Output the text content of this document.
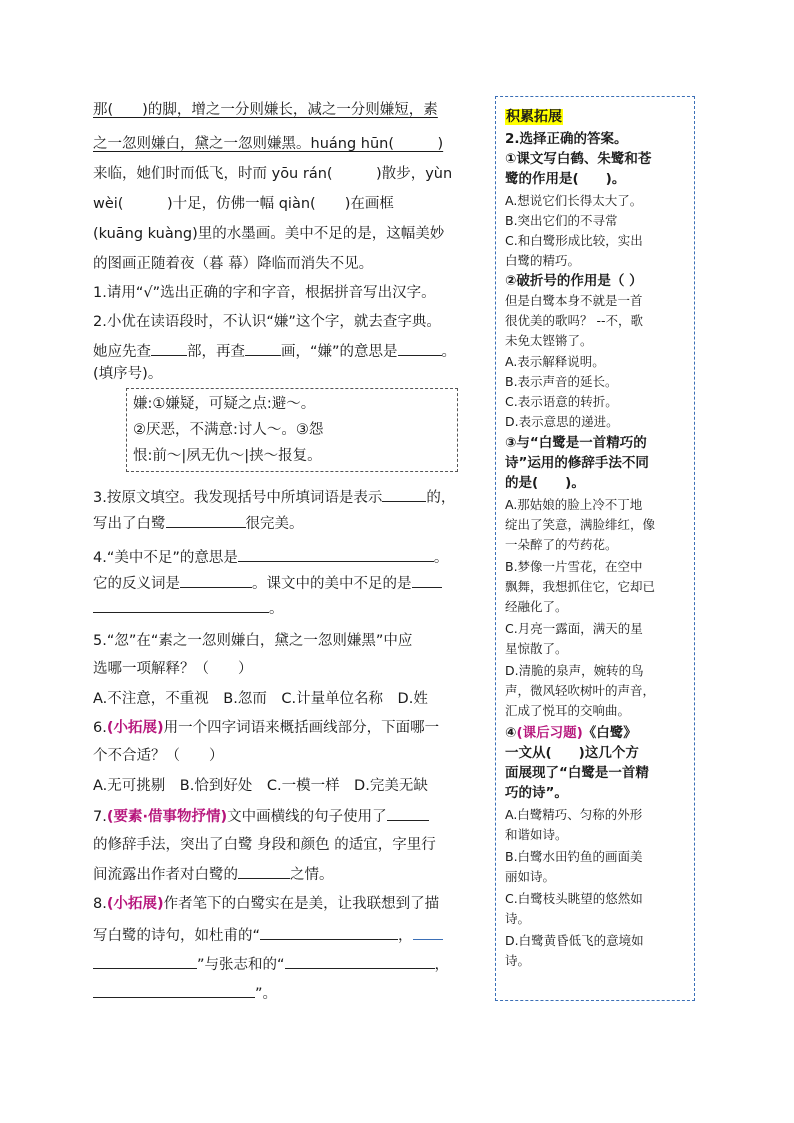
那(　　)的脚，增之一分则嫌长，减之一分则嫌短，素
之一忽则嫌白，黛之一忽则嫌黑。huáng hūn(　　　)
来临，她们时而低飞，时而 yōu rán(　　　)散步，yùn
wèi(　　　)十足，仿佛一幅 qiàn(　　)在画框
(kuāng kuàng)里的水墨画。美中不足的是，这幅美妙
的图画正随着夜（暮 幕）降临而消失不见。
1.请用“√”选出正确的字和字音，根据拼音写出汉字。
2.小优在读语段时，不认识“嫌”这个字，就去查字典。
她应先查 部，再查 画，“嫌”的意思是	。
(填序号)。
嫌:①嫌疑，可疑之点:避～。
②厌恶，不满意:讨人～。③怨
恨:前～|夙无仇～|挟～报复。
3.按原文填空。我发现括号中所填词语是表示	的，
写出了白鹭	很完美。
4.“美中不足”的意思是	。
它的反义词是	。课文中的美中不足的是
。
5.“忽”在“素之一忽则嫌白，黛之一忽则嫌黑”中应
选哪一项解释？（　　）
A.不注意，不重视　B.忽而　C.计量单位名称　D.姓
6.(小拓展)用一个四字词语来概括画线部分，下面哪一
个不合适？（　　）
A.无可挑剔　B.恰到好处　C.一模一样　D.完美无缺
7.(要素·借事物抒情)文中画横线的句子使用了
的修辞手法，突出了白鹭 身段和颜色 的适宜，字里行
间流露出作者对白鹭的	之情。
8.(小拓展)作者笔下的白鹭实在是美，让我联想到了描
写白鹭的诗句，如杜甫的“	，
”与张志和的“	，
”。
积累拓展
2.选择正确的答案。
①课文写白鹤、朱鹭和苍
鹭的作用是(　　)。
A.想说它们长得太大了。
B.突出它们的不寻常
C.和白鹭形成比较，实出
白鹭的精巧。
②破折号的作用是（ ）
但是白鹭本身不就是一首
很优美的歌吗？ --不，歌
未免太铿锵了。
A.表示解释说明。
B.表示声音的延长。
C.表示语意的转折。
D.表示意思的递进。
③与“白鹭是一首精巧的
诗”运用的修辞手法不同
的是(　　)。
A.那姑娘的脸上冷不丁地
绽出了笑意，满脸绯红，像
一朵醉了的芍药花。
B.梦像一片雪花，在空中
飘舞，我想抓住它，它却已
经融化了。
C.月亮一露面，满天的星
星惊散了。
D.清脆的泉声，婉转的鸟
声，微风轻吹树叶的声音，
汇成了悦耳的交响曲。
④(课后习题)《白鹭》
一文从(　　)这几个方
面展现了“白鹭是一首精
巧的诗”。
A.白鹭精巧、匀称的外形
和谐如诗。
B.白鹭水田钓鱼的画面美
丽如诗。
C.白鹭枝头眺望的悠然如
诗。
D.白鹭黄昏低飞的意境如
诗。
